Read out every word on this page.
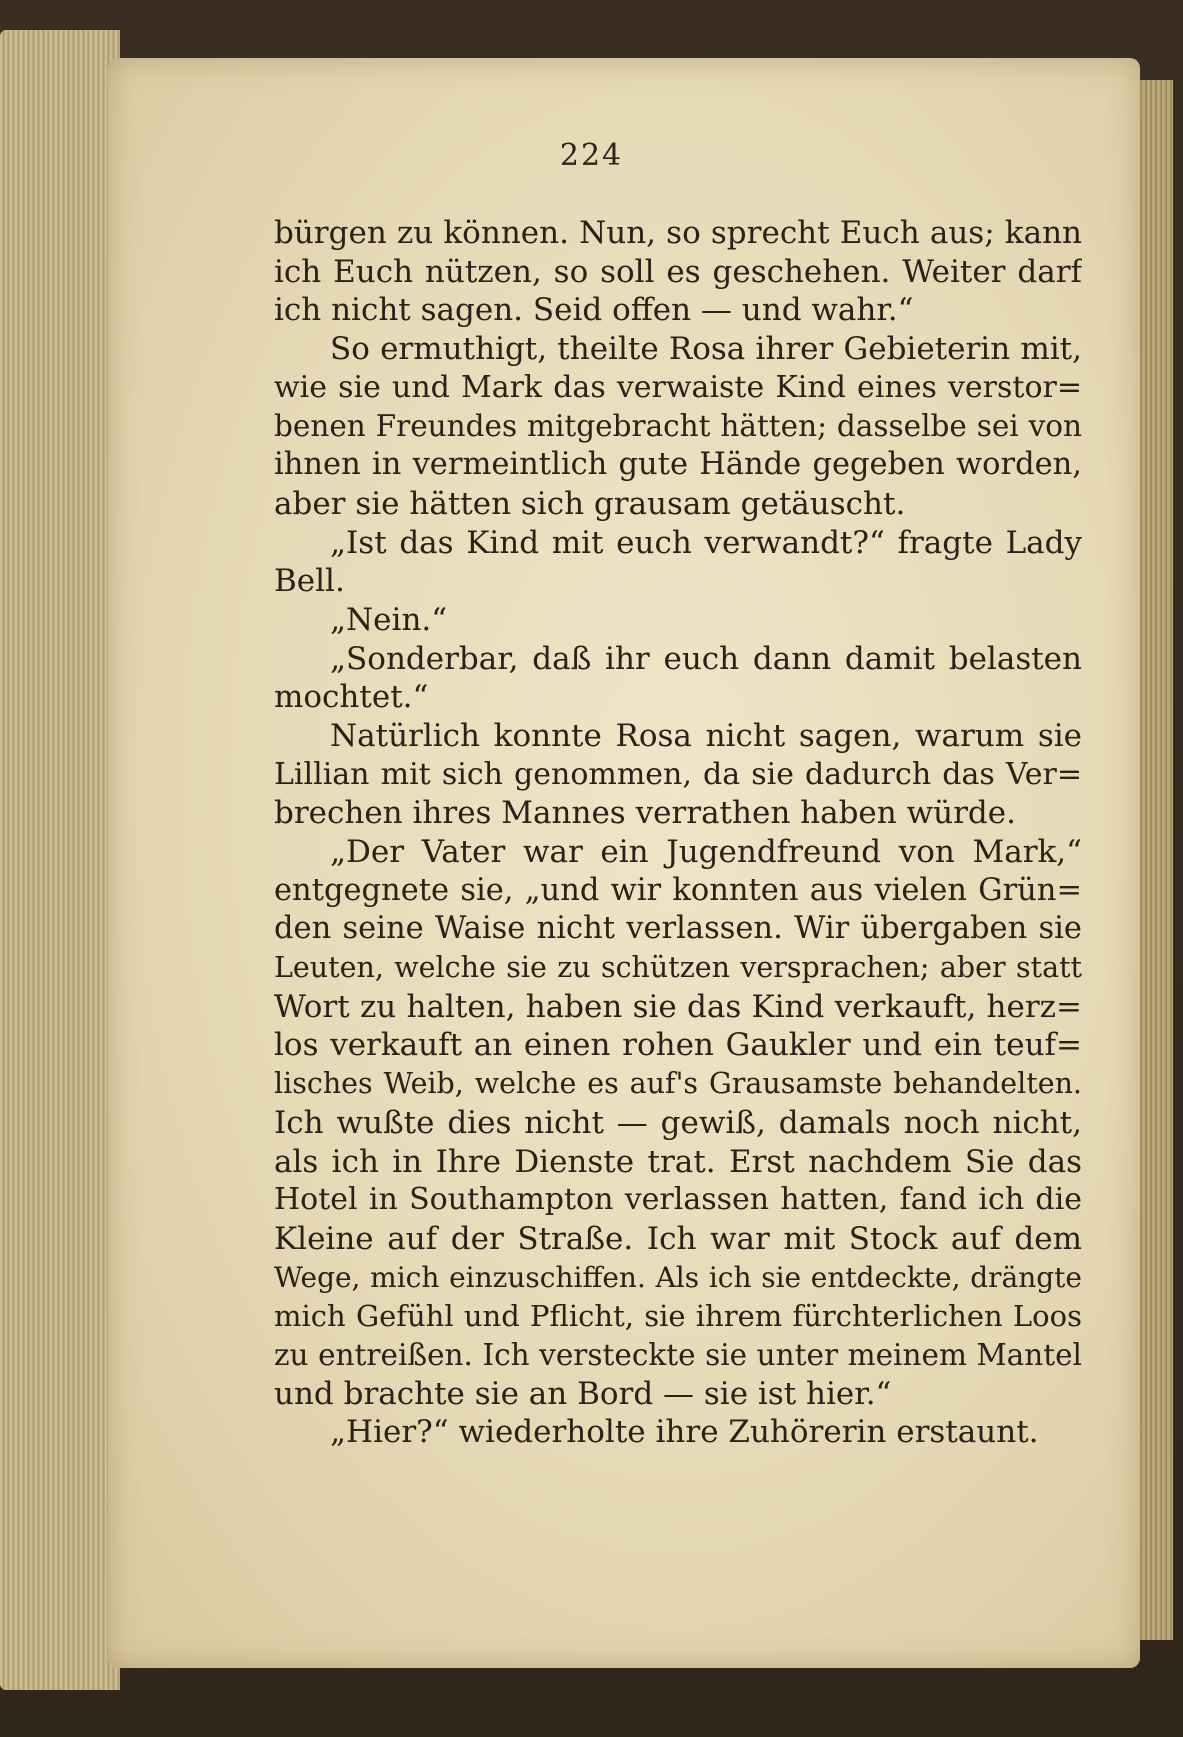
224
bürgen zu können. Nun, so sprecht Euch aus; kann
ich Euch nützen, so soll es geschehen. Weiter darf
ich nicht sagen. Seid offen — und wahr.“
So ermuthigt, theilte Rosa ihrer Gebieterin mit,
wie sie und Mark das verwaiste Kind eines verstor=
benen Freundes mitgebracht hätten; dasselbe sei von
ihnen in vermeintlich gute Hände gegeben worden,
aber sie hätten sich grausam getäuscht.
„Ist das Kind mit euch verwandt?“ fragte Lady
Bell.
„Nein.“
„Sonderbar, daß ihr euch dann damit belasten
mochtet.“
Natürlich konnte Rosa nicht sagen, warum sie
Lillian mit sich genommen, da sie dadurch das Ver=
brechen ihres Mannes verrathen haben würde.
„Der Vater war ein Jugendfreund von Mark,“
entgegnete sie, „und wir konnten aus vielen Grün=
den seine Waise nicht verlassen. Wir übergaben sie
Leuten, welche sie zu schützen versprachen; aber statt
Wort zu halten, haben sie das Kind verkauft, herz=
los verkauft an einen rohen Gaukler und ein teuf=
lisches Weib, welche es auf's Grausamste behandelten.
Ich wußte dies nicht — gewiß, damals noch nicht,
als ich in Ihre Dienste trat. Erst nachdem Sie das
Hotel in Southampton verlassen hatten, fand ich die
Kleine auf der Straße. Ich war mit Stock auf dem
Wege, mich einzuschiffen. Als ich sie entdeckte, drängte
mich Gefühl und Pflicht, sie ihrem fürchterlichen Loos
zu entreißen. Ich versteckte sie unter meinem Mantel
und brachte sie an Bord — sie ist hier.“
„Hier?“ wiederholte ihre Zuhörerin erstaunt.
